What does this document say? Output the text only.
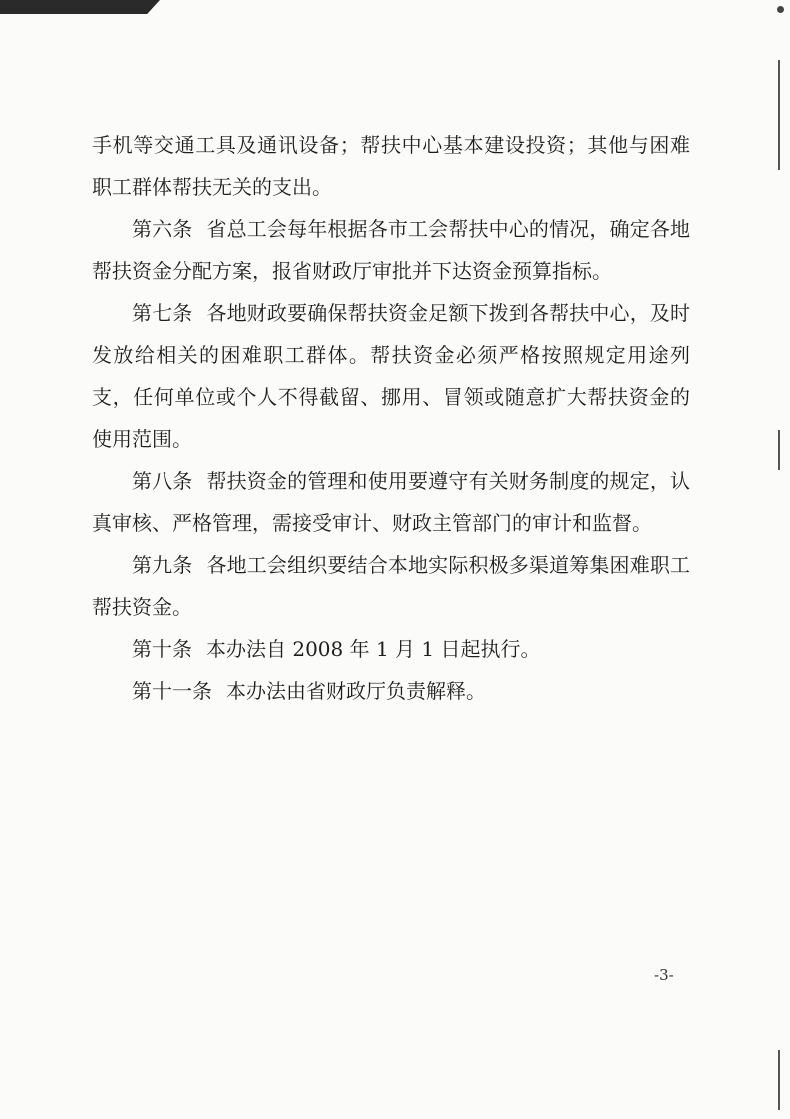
手机等交通工具及通讯设备；帮扶中心基本建设投资；其他与困难职工群体帮扶无关的支出。

第六条 省总工会每年根据各市工会帮扶中心的情况，确定各地帮扶资金分配方案，报省财政厅审批并下达资金预算指标。

第七条 各地财政要确保帮扶资金足额下拨到各帮扶中心，及时发放给相关的困难职工群体。帮扶资金必须严格按照规定用途列支，任何单位或个人不得截留、挪用、冒领或随意扩大帮扶资金的使用范围。

第八条 帮扶资金的管理和使用要遵守有关财务制度的规定，认真审核、严格管理，需接受审计、财政主管部门的审计和监督。

第九条 各地工会组织要结合本地实际积极多渠道筹集困难职工帮扶资金。

第十条 本办法自 2008 年 1 月 1 日起执行。

第十一条 本办法由省财政厅负责解释。

-3-
